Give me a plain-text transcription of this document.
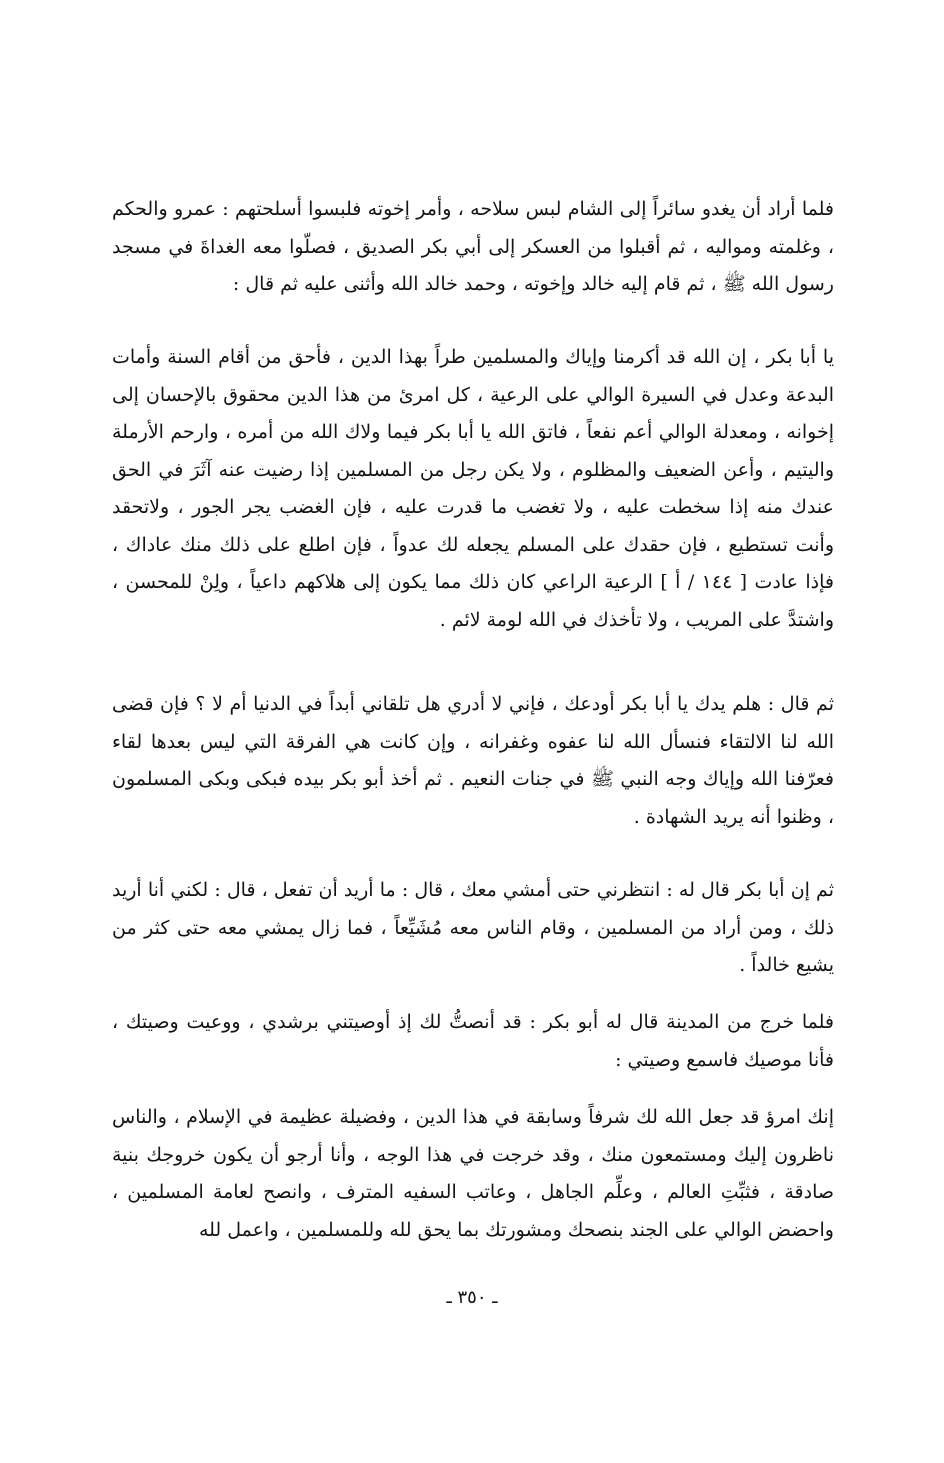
فلما أراد أن يغدو سائراً إلى الشام لبس سلاحه ، وأمر إخوته فلبسوا أسلحتهم : عمرو والحكم ، وغلمته ومواليه ، ثم أقبلوا من العسكر إلى أبي بكر الصديق ، فصلّوا معه الغداةَ في مسجد رسول الله ﷺ ، ثم قام إليه خالد وإخوته ، وحمد خالد الله وأثنى عليه ثم قال :

يا أبا بكر ، إن الله قد أكرمنا وإياك والمسلمين طراً بهذا الدين ، فأحق من أقام السنة وأمات البدعة وعدل في السيرة الوالي على الرعية ، كل امرئ من هذا الدين محقوق بالإحسان إلى إخوانه ، ومعدلة الوالي أعم نفعاً ، فاتق الله يا أبا بكر فيما ولاك الله من أمره ، وارحم الأرملة واليتيم ، وأعن الضعيف والمظلوم ، ولا يكن رجل من المسلمين إذا رضيت عنه آثَرَ في الحق عندك منه إذا سخطت عليه ، ولا تغضب ما قدرت عليه ، فإن الغضب يجر الجور ، ولاتحقد وأنت تستطيع ، فإن حقدك على المسلم يجعله لك عدواً ، فإن اطلع على ذلك منك عاداك ، فإذا عادت [ ١٤٤ / أ ] الرعية الراعي كان ذلك مما يكون إلى هلاكهم داعياً ، ولِنْ للمحسن ، واشتدَّ على المريب ، ولا تأخذك في الله لومة لائم .

ثم قال : هلم يدك يا أبا بكر أودعك ، فإني لا أدري هل تلقاني أبداً في الدنيا أم لا ؟ فإن قضى الله لنا الالتقاء فنسأل الله لنا عفوه وغفرانه ، وإن كانت هي الفرقة التي ليس بعدها لقاء فعرّفنا الله وإياك وجه النبي ﷺ في جنات النعيم . ثم أخذ أبو بكر بيده فبكى وبكى المسلمون ، وظنوا أنه يريد الشهادة .

ثم إن أبا بكر قال له : انتظرني حتى أمشي معك ، قال : ما أريد أن تفعل ، قال : لكني أنا أريد ذلك ، ومن أراد من المسلمين ، وقام الناس معه مُشَيِّعاً ، فما زال يمشي معه حتى كثر من يشيع خالداً .

فلما خرج من المدينة قال له أبو بكر : قد أنصتُّ لك إذ أوصيتني برشدي ، ووعيت وصيتك ، فأنا موصيك فاسمع وصيتي :

إنك امرؤ قد جعل الله لك شرفاً وسابقة في هذا الدين ، وفضيلة عظيمة في الإسلام ، والناس ناظرون إليك ومستمعون منك ، وقد خرجت في هذا الوجه ، وأنا أرجو أن يكون خروجك بنية صادقة ، فثبِّتِ العالم ، وعلِّم الجاهل ، وعاتب السفيه المترف ، وانصح لعامة المسلمين ، واحضض الوالي على الجند بنصحك ومشورتك بما يحق لله وللمسلمين ، واعمل لله

ـ ٣٥٠ ـ
